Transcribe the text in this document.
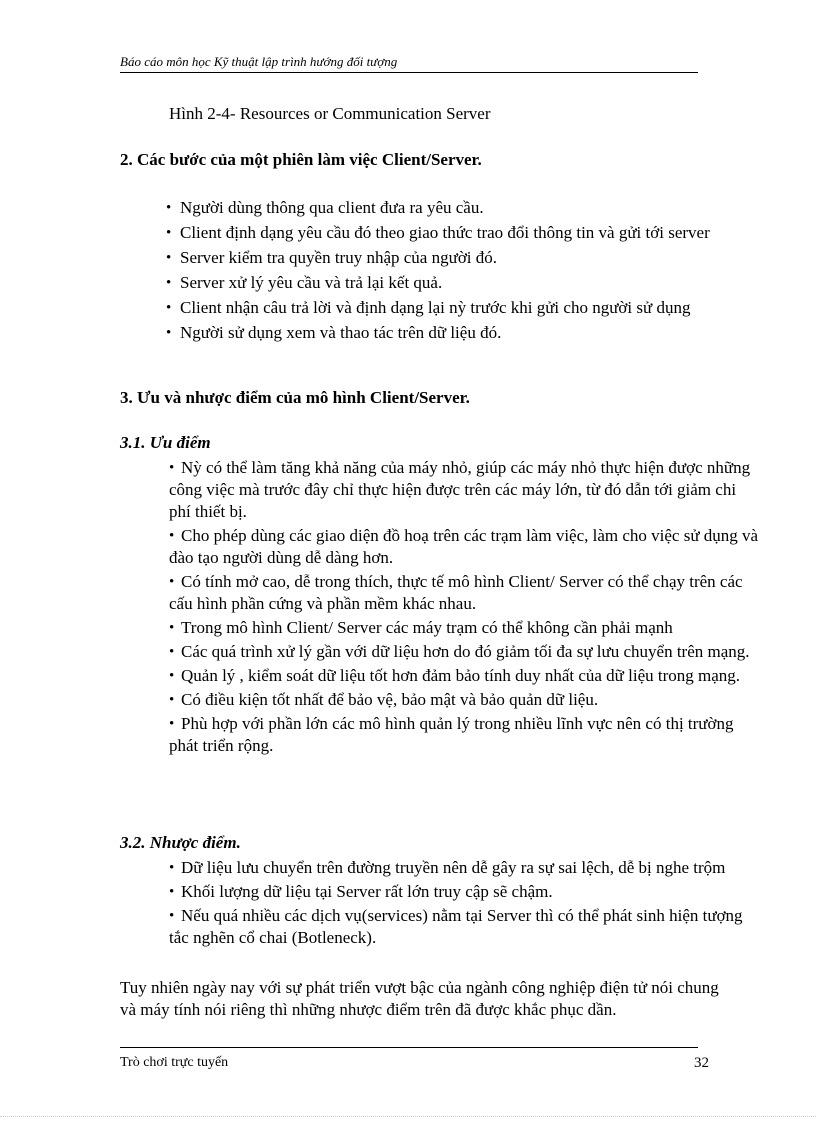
Báo cáo môn học Kỹ thuật lập trình hướng đối tượng
Hình 2-4- Resources or Communication Server
2. Các bước của một phiên làm việc Client/Server.
• Người dùng thông qua client đưa ra yêu cầu.
• Client định dạng yêu cầu đó theo giao thức trao đổi thông tin và gửi tới server
• Server kiểm tra quyền truy nhập của người đó.
• Server xử lý yêu cầu và trả lại kết quả.
• Client nhận câu trả lời và định dạng lại nỳ trước khi gửi cho người sử dụng
• Người sử dụng xem và thao tác trên dữ liệu đó.
3. Ưu và nhược điểm của mô hình Client/Server.
3.1. Ưu điểm
• Nỳ có thể làm tăng khả năng của máy nhỏ, giúp các máy nhỏ thực hiện được những công việc mà trước đây chỉ thực hiện được trên các máy lớn, từ đó dẫn tới giảm chi phí thiết bị.
• Cho phép dùng các giao diện đồ hoạ trên các trạm làm việc, làm cho việc sử dụng và đào tạo người dùng dễ dàng hơn.
• Có tính mở cao, dễ trong thích, thực tế mô hình Client/ Server có thể chạy trên các cấu hình phần cứng và phần mềm khác nhau.
• Trong mô hình Client/ Server các máy trạm có thể không cần phải mạnh
• Các quá trình xử lý gần với dữ liệu hơn do đó giảm tối đa sự lưu chuyển trên mạng.
• Quản lý , kiểm soát dữ liệu tốt hơn đảm bảo tính duy nhất của dữ liệu trong mạng.
• Có điều kiện tốt nhất để bảo vệ, bảo mật và bảo quản dữ liệu.
• Phù hợp với phần lớn các mô hình quản lý trong nhiều lĩnh vực nên có thị trường phát triển rộng.
3.2. Nhược điểm.
• Dữ liệu lưu chuyển trên đường truyền nên dễ gây ra sự sai lệch, dễ bị nghe trộm
• Khối lượng dữ liệu tại Server rất lớn truy cập sẽ chậm.
• Nếu quá nhiều các dịch vụ(services) nằm tại Server thì có thể phát sinh hiện tượng tắc nghẽn cổ chai (Botleneck).
Tuy nhiên ngày nay với sự phát triển vượt bậc của ngành công nghiệp điện tử nói chung và máy tính nói riêng thì những nhược điểm trên đã được khắc phục dần.
Trò chơi trực tuyến	32
